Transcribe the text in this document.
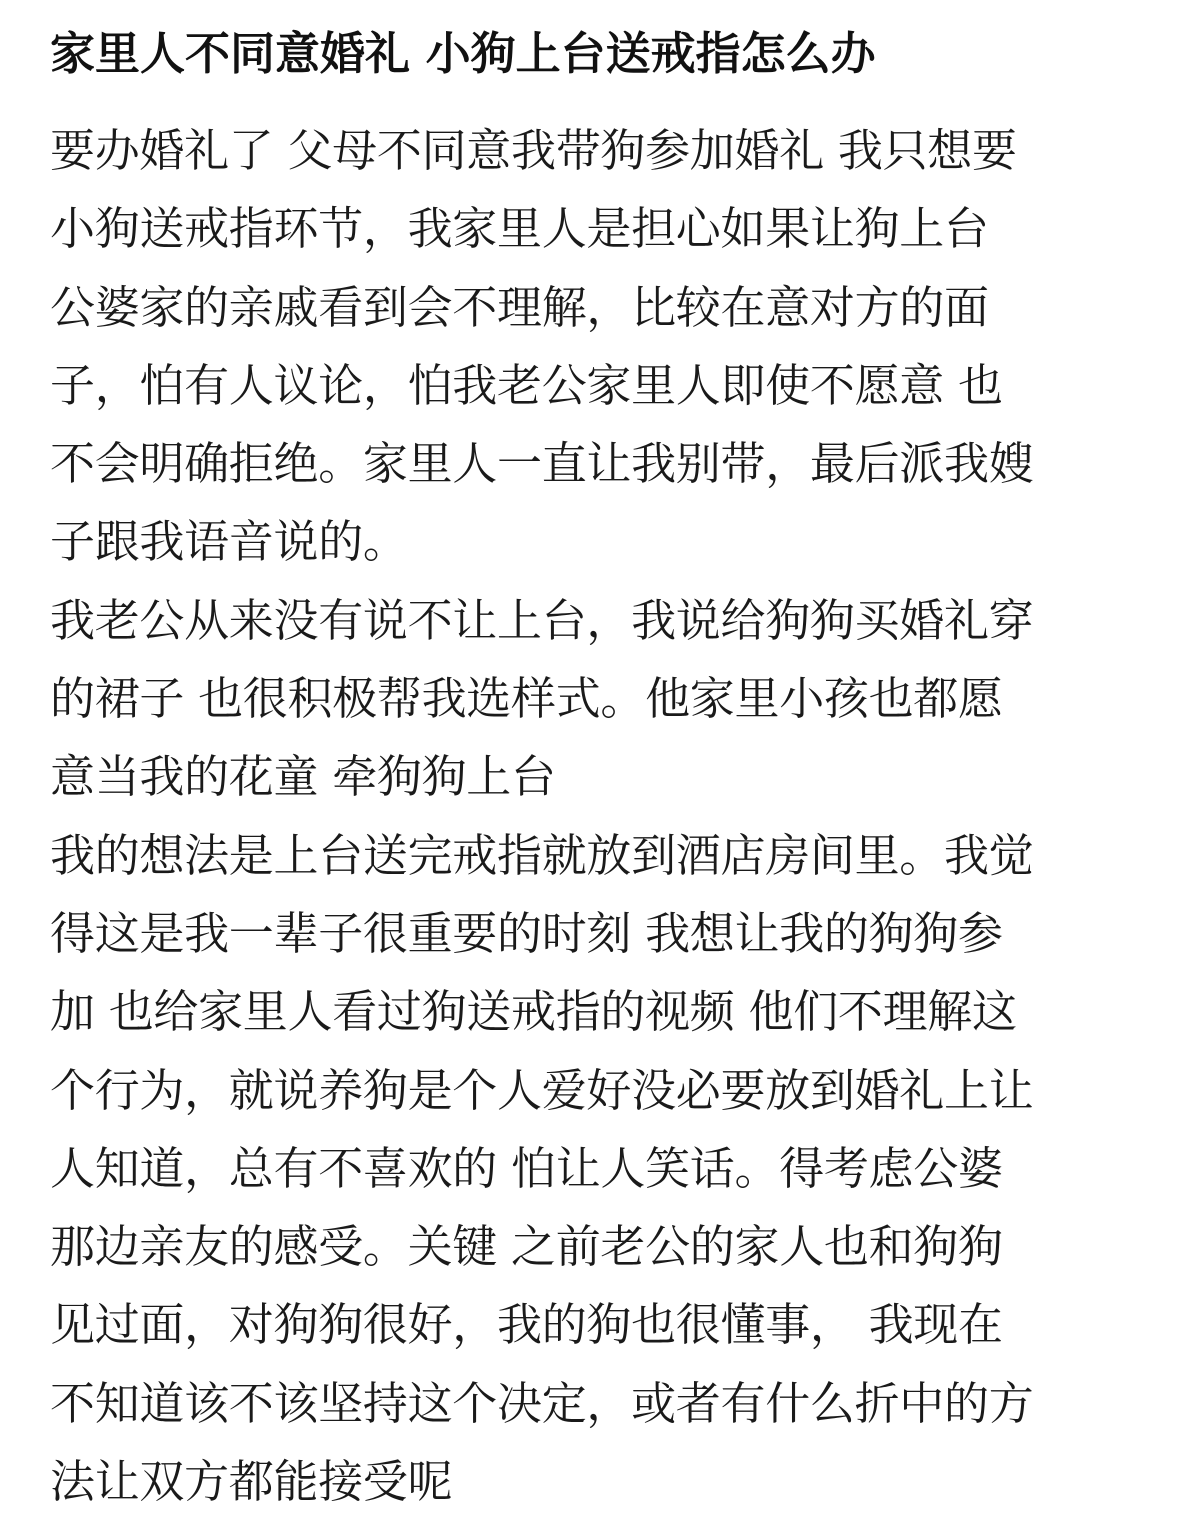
家里人不同意婚礼 小狗上台送戒指怎么办
要办婚礼了 父母不同意我带狗参加婚礼 我只想要
小狗送戒指环节，我家里人是担心如果让狗上台
公婆家的亲戚看到会不理解，比较在意对方的面
子，怕有人议论，怕我老公家里人即使不愿意 也
不会明确拒绝。家里人一直让我别带，最后派我嫂
子跟我语音说的。
我老公从来没有说不让上台，我说给狗狗买婚礼穿
的裙子 也很积极帮我选样式。他家里小孩也都愿
意当我的花童 牵狗狗上台
我的想法是上台送完戒指就放到酒店房间里。我觉
得这是我一辈子很重要的时刻 我想让我的狗狗参
加 也给家里人看过狗送戒指的视频 他们不理解这
个行为，就说养狗是个人爱好没必要放到婚礼上让
人知道，总有不喜欢的 怕让人笑话。得考虑公婆
那边亲友的感受。关键 之前老公的家人也和狗狗
见过面，对狗狗很好，我的狗也很懂事， 我现在
不知道该不该坚持这个决定，或者有什么折中的方
法让双方都能接受呢
